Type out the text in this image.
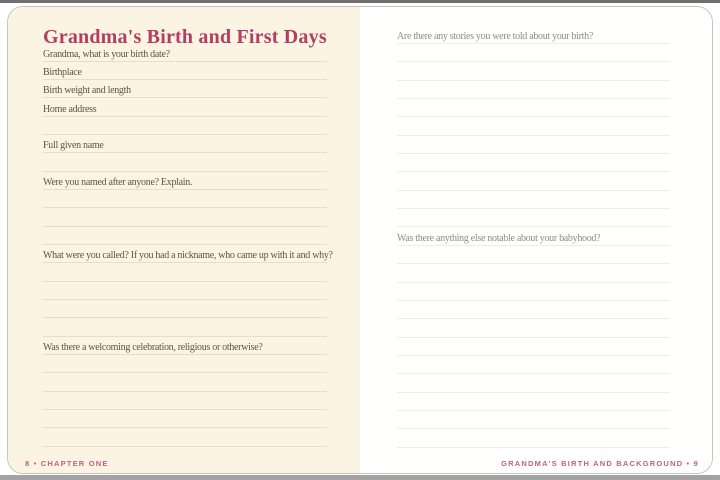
Grandma's Birth and First Days
Grandma, what is your birth date?
Birthplace
Birth weight and length
Home address
Full given name
Were you named after anyone? Explain.
What were you called? If you had a nickname, who came up with it and why?
Was there a welcoming celebration, religious or otherwise?
8 • CHAPTER ONE
Are there any stories you were told about your birth?
Was there anything else notable about your babyhood?
GRANDMA'S BIRTH AND BACKGROUND • 9
